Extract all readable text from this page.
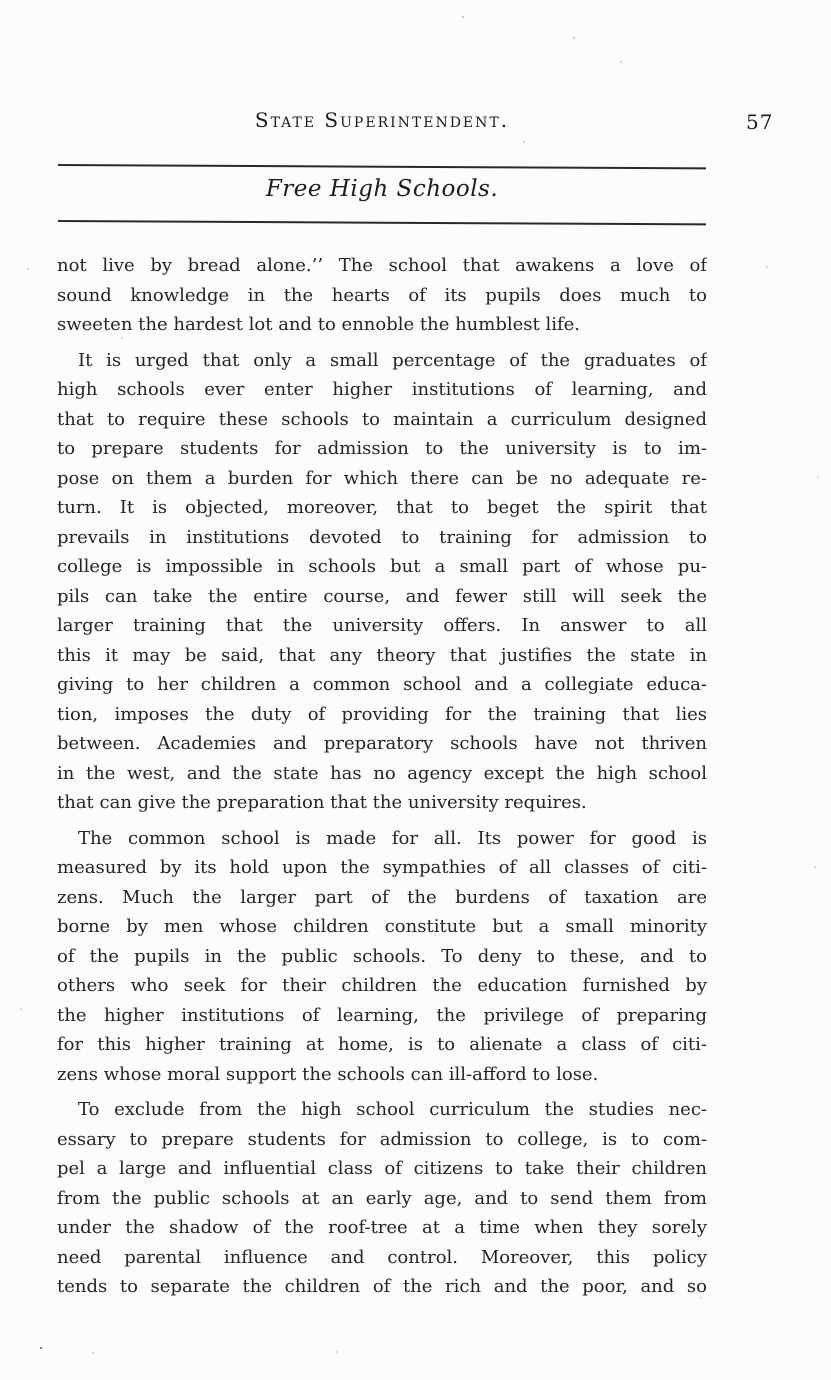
State Superintendent.	57
Free High Schools.
not live by bread alone.’’ The school that awakens a love of
sound knowledge in the hearts of its pupils does much to
sweeten the hardest lot and to ennoble the humblest life.
It is urged that only a small percentage of the graduates of
high schools ever enter higher institutions of learning, and
that to require these schools to maintain a curriculum designed
to prepare students for admission to the university is to im-
pose on them a burden for which there can be no adequate re-
turn. It is objected, moreover, that to beget the spirit that
prevails in institutions devoted to training for admission to
college is impossible in schools but a small part of whose pu-
pils can take the entire course, and fewer still will seek the
larger training that the university offers. In answer to all
this it may be said, that any theory that justifies the state in
giving to her children a common school and a collegiate educa-
tion, imposes the duty of providing for the training that lies
between. Academies and preparatory schools have not thriven
in the west, and the state has no agency except the high school
that can give the preparation that the university requires.
The common school is made for all. Its power for good is
measured by its hold upon the sympathies of all classes of citi-
zens. Much the larger part of the burdens of taxation are
borne by men whose children constitute but a small minority
of the pupils in the public schools. To deny to these, and to
others who seek for their children the education furnished by
the higher institutions of learning, the privilege of preparing
for this higher training at home, is to alienate a class of citi-
zens whose moral support the schools can ill-afford to lose.
To exclude from the high school curriculum the studies nec-
essary to prepare students for admission to college, is to com-
pel a large and influential class of citizens to take their children
from the public schools at an early age, and to send them from
under the shadow of the roof-tree at a time when they sorely
need parental influence and control. Moreover, this policy
tends to separate the children of the rich and the poor, and so
